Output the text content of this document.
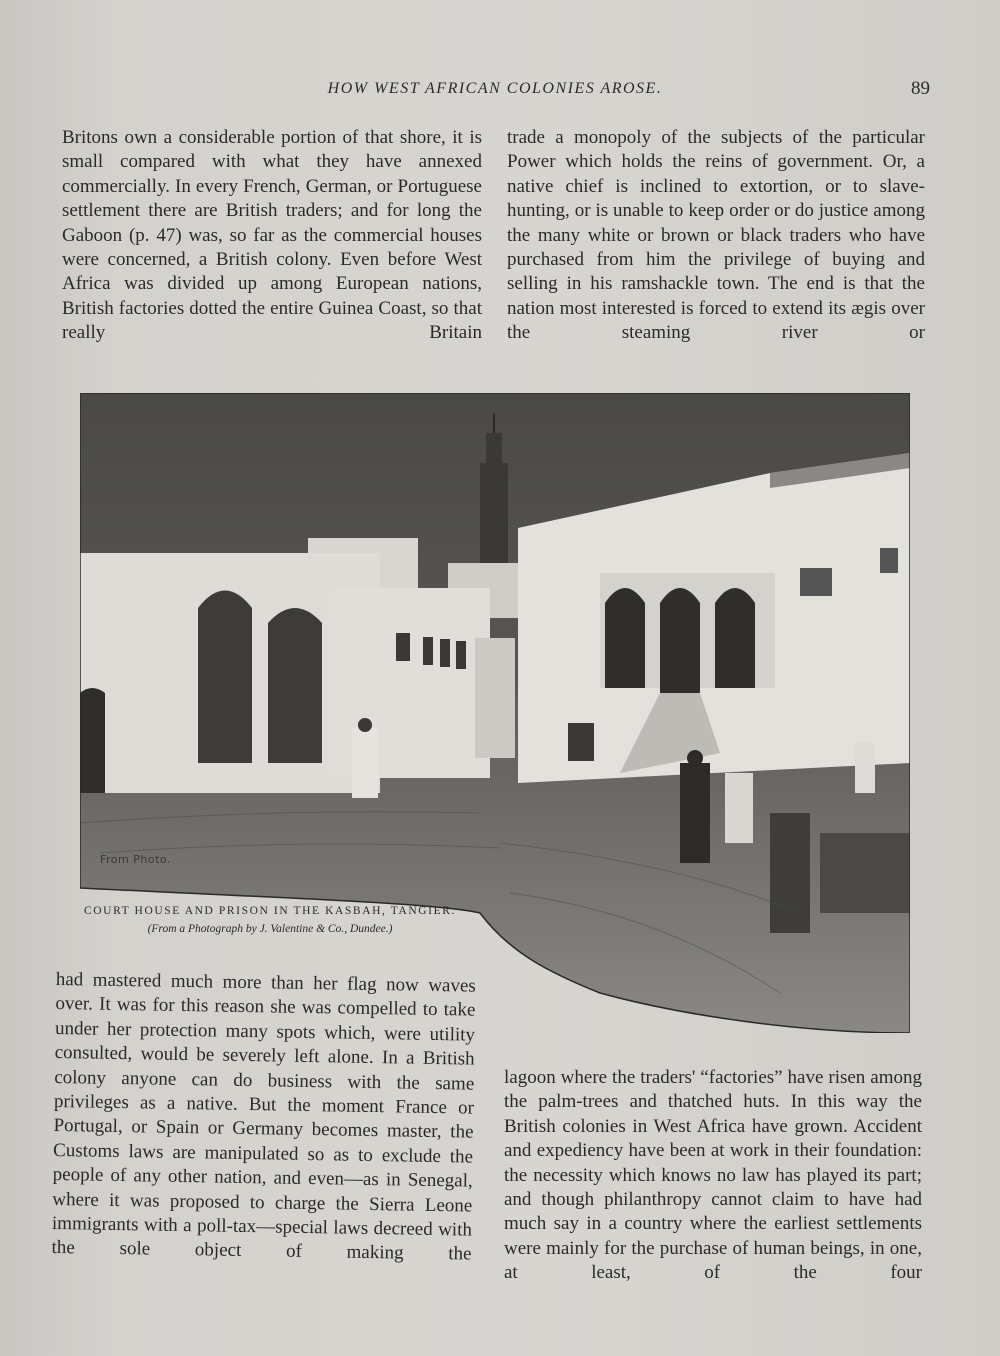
HOW WEST AFRICAN COLONIES AROSE.	89
Britons own a considerable portion of that shore, it is small compared with what they have annexed commercially. In every French, German, or Portuguese settlement there are British traders; and for long the Gaboon (p. 47) was, so far as the commercial houses were concerned, a British colony. Even before West Africa was divided up among European nations, British factories dotted the entire Guinea Coast, so that really Britain
trade a monopoly of the subjects of the particular Power which holds the reins of government. Or, a native chief is inclined to extortion, or to slave-hunting, or is unable to keep order or do justice among the many white or brown or black traders who have purchased from him the privilege of buying and selling in his ramshackle town. The end is that the nation most interested is forced to extend its ægis over the steaming river or
From Photo.
COURT HOUSE AND PRISON IN THE KASBAH, TANGIER.
(From a Photograph by J. Valentine & Co., Dundee.)
had mastered much more than her flag now waves over. It was for this reason she was compelled to take under her protection many spots which, were utility consulted, would be severely left alone. In a British colony anyone can do business with the same privileges as a native. But the moment France or Portugal, or Spain or Germany becomes master, the Customs laws are manipulated so as to exclude the people of any other nation, and even—as in Senegal, where it was proposed to charge the Sierra Leone immigrants with a poll-tax—special laws decreed with the sole object of making the
lagoon where the traders' “factories” have risen among the palm-trees and thatched huts. In this way the British colonies in West Africa have grown. Accident and expediency have been at work in their foundation: the necessity which knows no law has played its part; and though philanthropy cannot claim to have had much say in a country where the earliest settlements were mainly for the purchase of human beings, in one, at least, of the four
